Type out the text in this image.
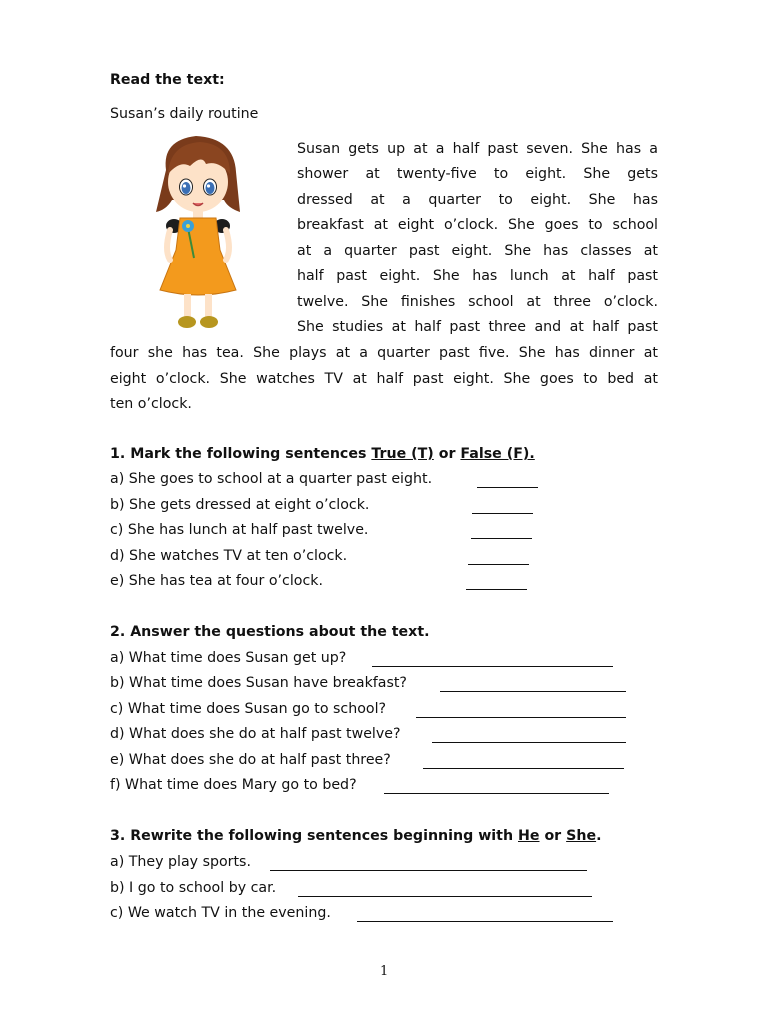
Read the text:
Susan’s daily routine
Susan gets up at a half past seven. She has a
shower at twenty-five to eight. She gets
dressed at a quarter to eight. She has
breakfast at eight o’clock. She goes to school
at a quarter past eight. She has classes at
half past eight. She has lunch at half past
twelve. She finishes school at three o’clock.
She studies at half past three and at half past
four she has tea. She plays at a quarter past five. She has dinner at
eight o’clock. She watches TV at half past eight. She goes to bed at
ten o’clock.
1. Mark the following sentences True (T) or False (F).
a) She goes to school at a quarter past eight.
b) She gets dressed at eight o’clock.
c) She has lunch at half past twelve.
d) She watches TV at ten o’clock.
e) She has tea at four o’clock.
2. Answer the questions about the text.
a) What time does Susan get up?
b) What time does Susan have breakfast?
c) What time does Susan go to school?
d) What does she do at half past twelve?
e) What does she do at half past three?
f) What time does Mary go to bed?
3. Rewrite the following sentences beginning with He or She.
a) They play sports.
b) I go to school by car.
c) We watch TV in the evening.
1
